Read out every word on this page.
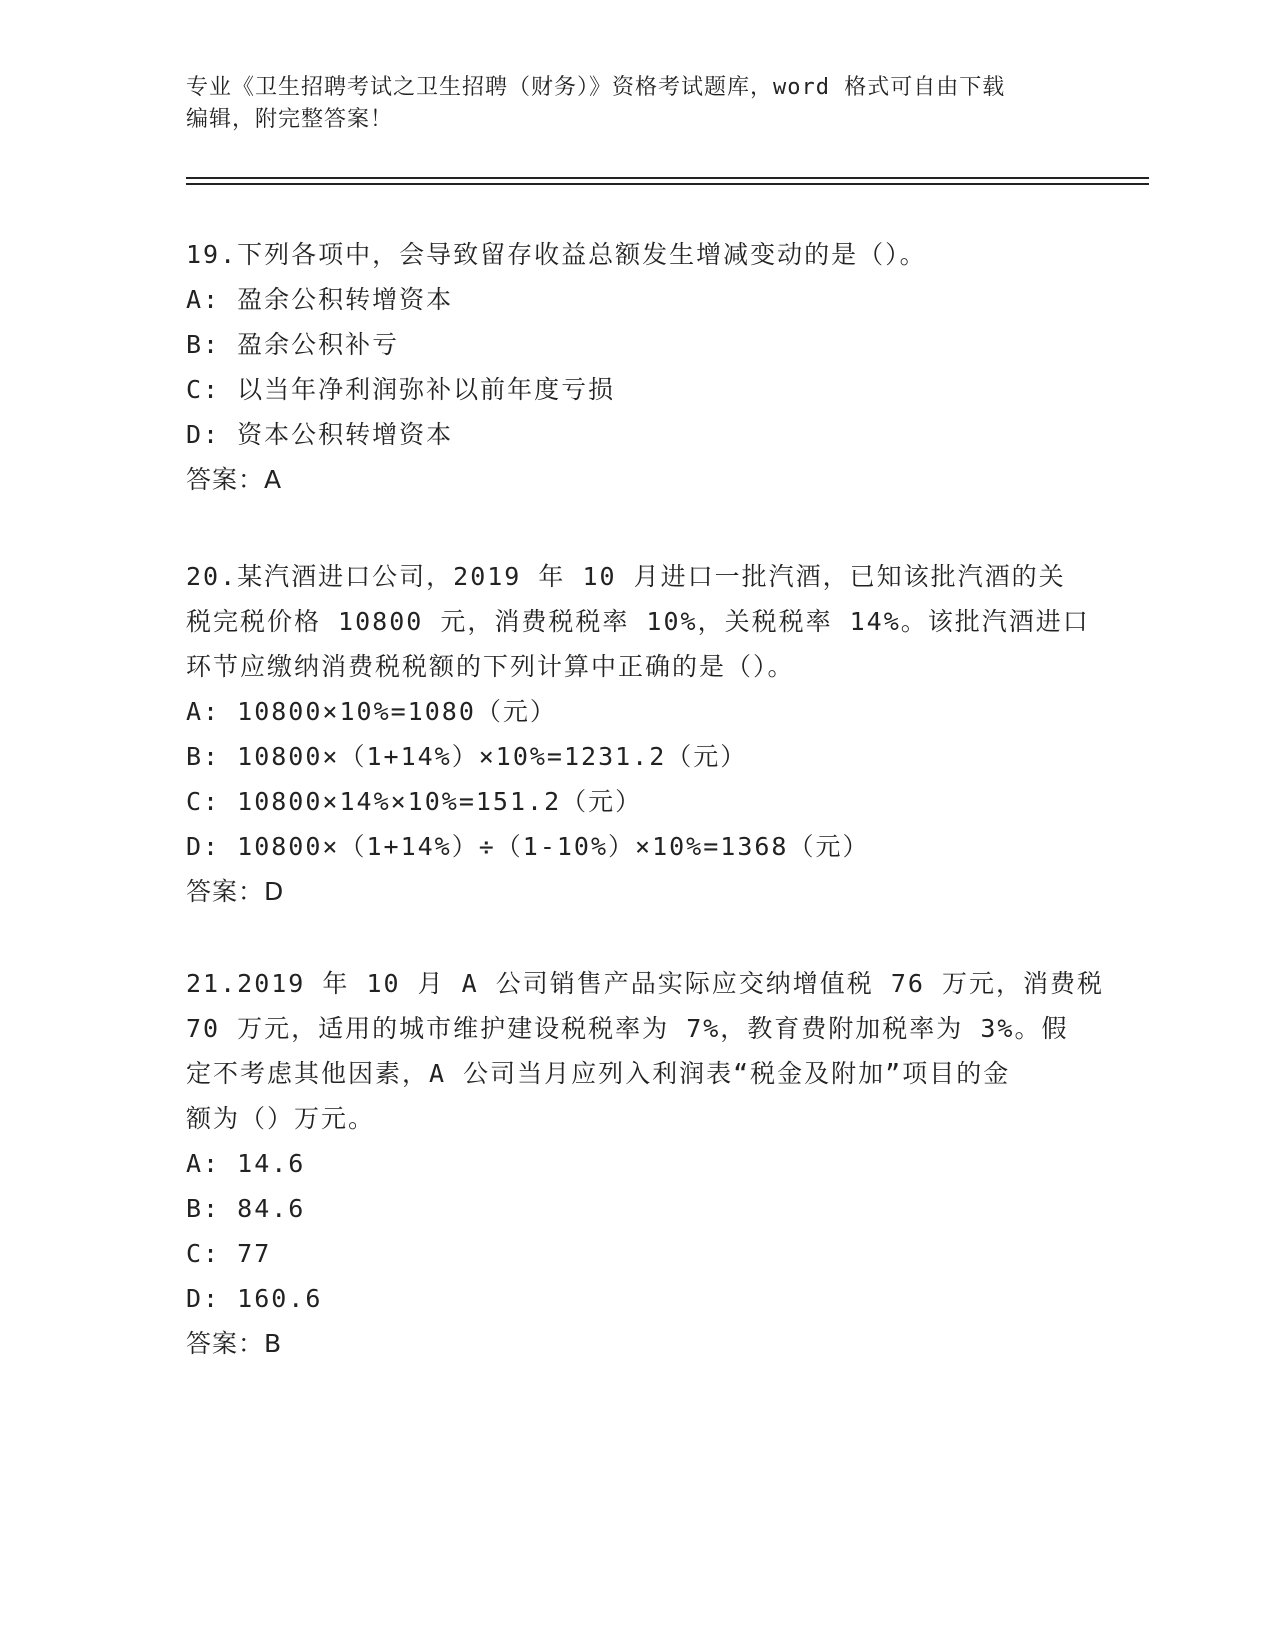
专业《卫生招聘考试之卫生招聘（财务）》资格考试题库，word 格式可自由下载
编辑，附完整答案！
19.下列各项中，会导致留存收益总额发生增减变动的是（）。
A: 盈余公积转增资本
B: 盈余公积补亏
C: 以当年净利润弥补以前年度亏损
D: 资本公积转增资本
答案：A
20.某汽酒进口公司，2019 年 10 月进口一批汽酒，已知该批汽酒的关
税完税价格 10800 元，消费税税率 10%，关税税率 14%。该批汽酒进口
环节应缴纳消费税税额的下列计算中正确的是（）。
A: 10800×10%=1080（元）
B: 10800×（1+14%）×10%=1231.2（元）
C: 10800×14%×10%=151.2（元）
D: 10800×（1+14%）÷（1-10%）×10%=1368（元）
答案：D
21.2019 年 10 月 A 公司销售产品实际应交纳增值税 76 万元，消费税
70 万元，适用的城市维护建设税税率为 7%，教育费附加税率为 3%。假
定不考虑其他因素，A 公司当月应列入利润表“税金及附加”项目的金
额为（）万元。
A: 14.6
B: 84.6
C: 77
D: 160.6
答案：B
